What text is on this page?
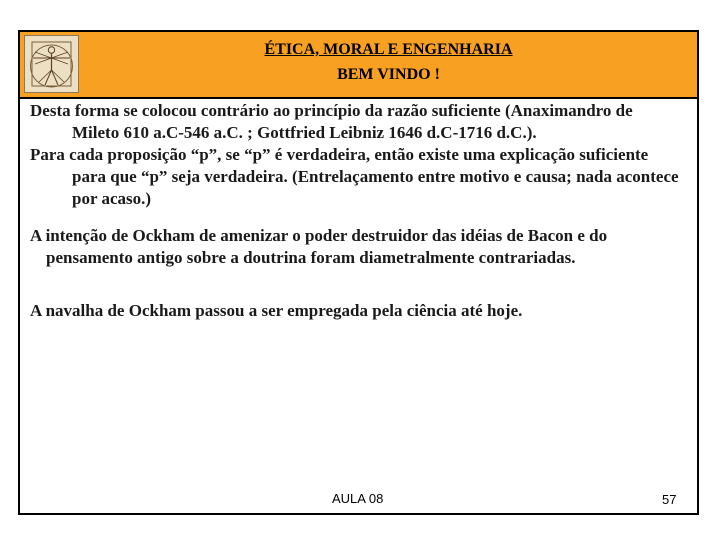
ÉTICA, MORAL E ENGENHARIA
BEM VINDO !

Desta forma se colocou contrário ao princípio da razão suficiente (Anaximandro de Mileto 610 a.C-546 a.C. ; Gottfried Leibniz 1646 d.C-1716 d.C.).

Para cada proposição “p”, se “p” é verdadeira, então existe uma explicação suficiente para que “p” seja verdadeira. (Entrelaçamento entre motivo e causa; nada acontece por acaso.)

A intenção de Ockham de amenizar o poder destruidor das idéias de Bacon e do pensamento antigo sobre a doutrina foram diametralmente contrariadas.

A navalha de Ockham passou a ser empregada pela ciência até hoje.

AULA 08	57
